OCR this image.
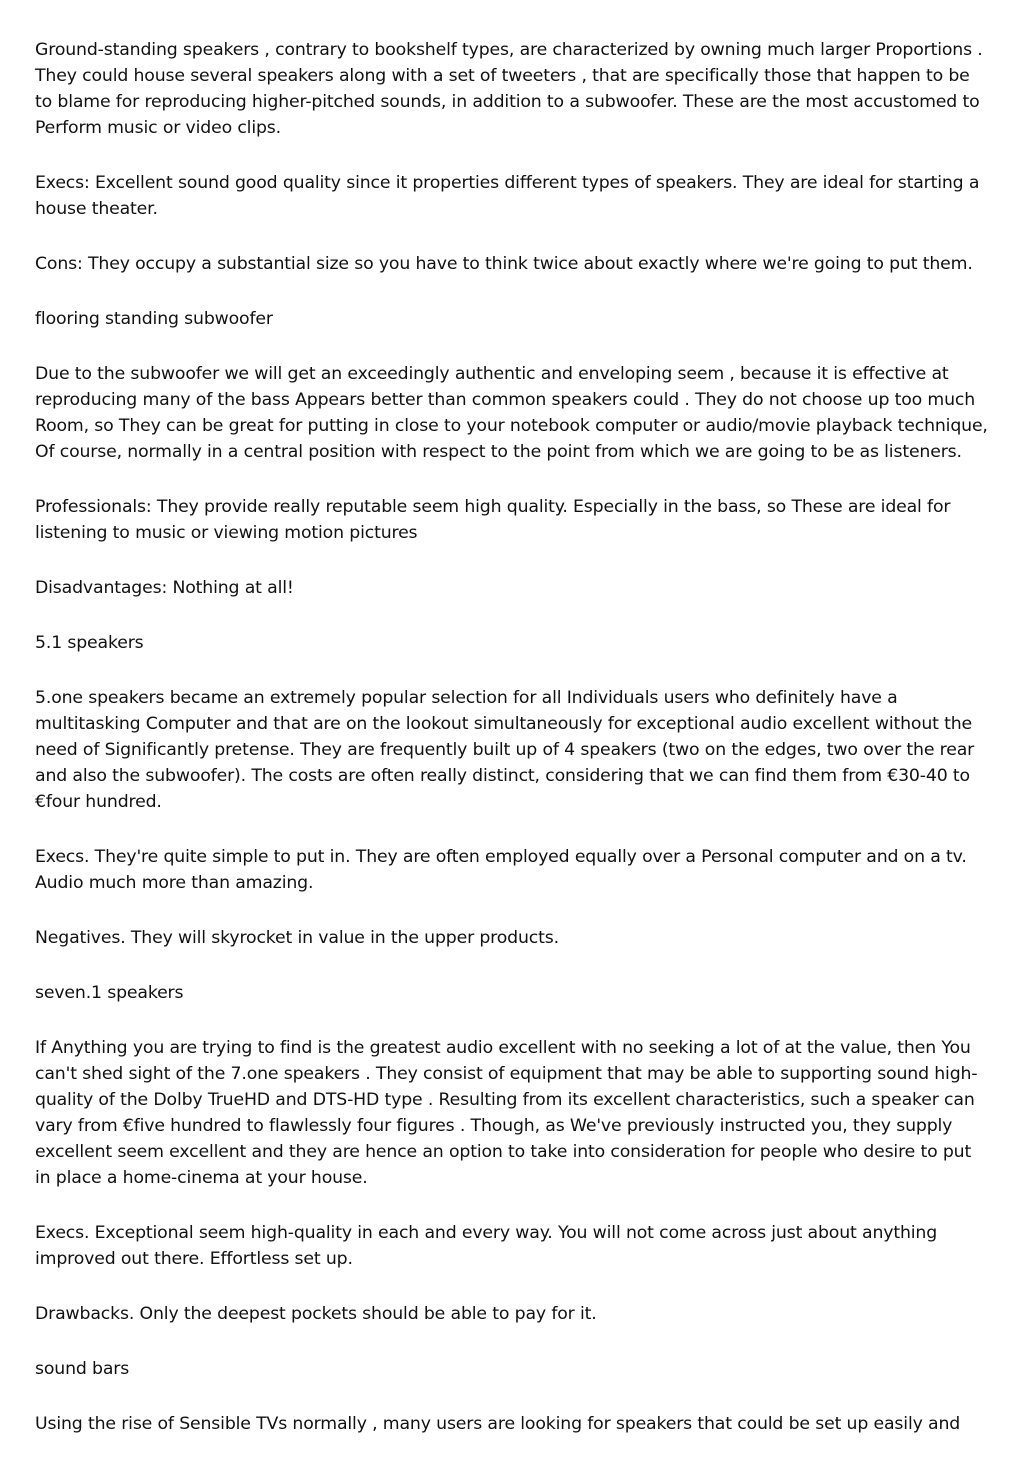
Ground-standing speakers , contrary to bookshelf types, are characterized by owning much larger Proportions . They could house several speakers along with a set of tweeters , that are specifically those that happen to be to blame for reproducing higher-pitched sounds, in addition to a subwoofer. These are the most accustomed to Perform music or video clips.

Execs: Excellent sound good quality since it properties different types of speakers. They are ideal for starting a house theater.

Cons: They occupy a substantial size so you have to think twice about exactly where we're going to put them.

flooring standing subwoofer

Due to the subwoofer we will get an exceedingly authentic and enveloping seem , because it is effective at reproducing many of the bass Appears better than common speakers could . They do not choose up too much Room, so They can be great for putting in close to your notebook computer or audio/movie playback technique, Of course, normally in a central position with respect to the point from which we are going to be as listeners.

Professionals: They provide really reputable seem high quality. Especially in the bass, so These are ideal for listening to music or viewing motion pictures

Disadvantages: Nothing at all!

5.1 speakers

5.one speakers became an extremely popular selection for all Individuals users who definitely have a multitasking Computer and that are on the lookout simultaneously for exceptional audio excellent without the need of Significantly pretense. They are frequently built up of 4 speakers (two on the edges, two over the rear and also the subwoofer). The costs are often really distinct, considering that we can find them from €30-40 to €four hundred.

Execs. They're quite simple to put in. They are often employed equally over a Personal computer and on a tv. Audio much more than amazing.

Negatives. They will skyrocket in value in the upper products.

seven.1 speakers

If Anything you are trying to find is the greatest audio excellent with no seeking a lot of at the value, then You can't shed sight of the 7.one speakers . They consist of equipment that may be able to supporting sound high-quality of the Dolby TrueHD and DTS-HD type . Resulting from its excellent characteristics, such a speaker can vary from €five hundred to flawlessly four figures . Though, as We've previously instructed you, they supply excellent seem excellent and they are hence an option to take into consideration for people who desire to put in place a home-cinema at your house.

Execs. Exceptional seem high-quality in each and every way. You will not come across just about anything improved out there. Effortless set up.

Drawbacks. Only the deepest pockets should be able to pay for it.

sound bars

Using the rise of Sensible TVs normally , many users are looking for speakers that could be set up easily and
